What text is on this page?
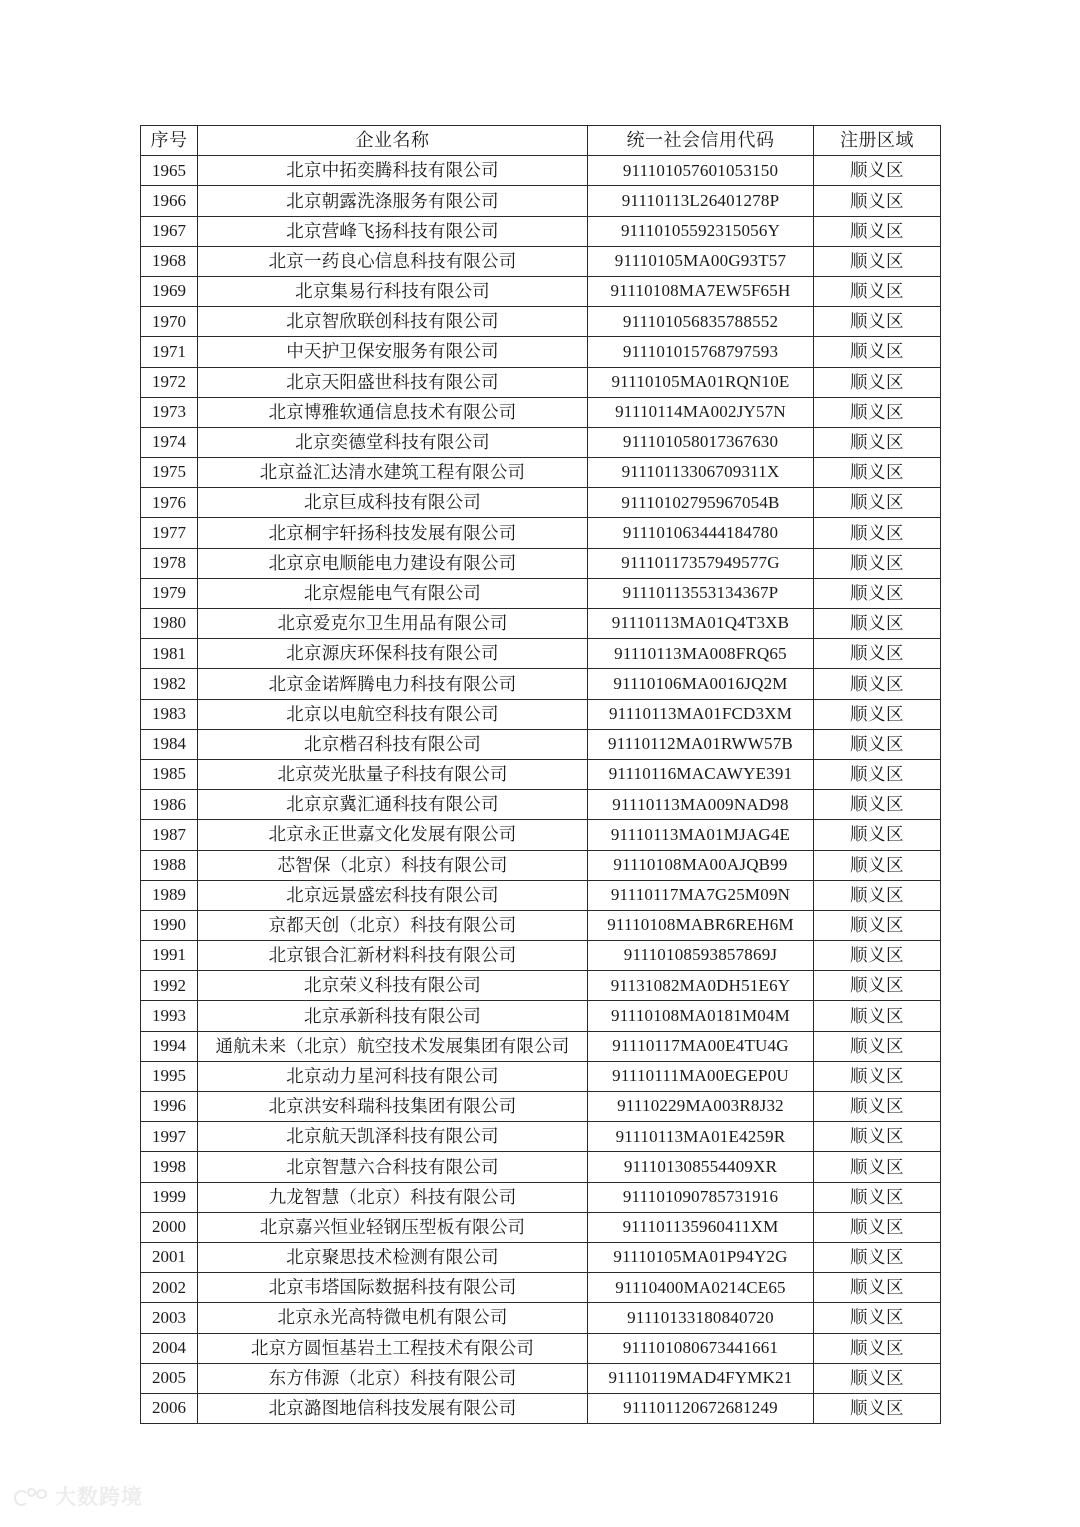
序号	企业名称	统一社会信用代码	注册区域
1965	北京中拓奕腾科技有限公司	911101057601053150	顺义区
1966	北京朝露洗涤服务有限公司	91110113L26401278P	顺义区
1967	北京营峰飞扬科技有限公司	91110105592315056Y	顺义区
1968	北京一药良心信息科技有限公司	91110105MA00G93T57	顺义区
1969	北京集易行科技有限公司	91110108MA7EW5F65H	顺义区
1970	北京智欣联创科技有限公司	911101056835788552	顺义区
1971	中天护卫保安服务有限公司	911101015768797593	顺义区
1972	北京天阳盛世科技有限公司	91110105MA01RQN10E	顺义区
1973	北京博雅软通信息技术有限公司	91110114MA002JY57N	顺义区
1974	北京奕德堂科技有限公司	911101058017367630	顺义区
1975	北京益汇达清水建筑工程有限公司	91110113306709311X	顺义区
1976	北京巨成科技有限公司	91110102795967054B	顺义区
1977	北京桐宇轩扬科技发展有限公司	911101063444184780	顺义区
1978	北京京电顺能电力建设有限公司	91110117357949577G	顺义区
1979	北京煜能电气有限公司	91110113553134367P	顺义区
1980	北京爱克尔卫生用品有限公司	91110113MA01Q4T3XB	顺义区
1981	北京源庆环保科技有限公司	91110113MA008FRQ65	顺义区
1982	北京金诺辉腾电力科技有限公司	91110106MA0016JQ2M	顺义区
1983	北京以电航空科技有限公司	91110113MA01FCD3XM	顺义区
1984	北京楷召科技有限公司	91110112MA01RWW57B	顺义区
1985	北京荧光肽量子科技有限公司	91110116MACAWYE391	顺义区
1986	北京京冀汇通科技有限公司	91110113MA009NAD98	顺义区
1987	北京永正世嘉文化发展有限公司	91110113MA01MJAG4E	顺义区
1988	芯智保（北京）科技有限公司	91110108MA00AJQB99	顺义区
1989	北京远景盛宏科技有限公司	91110117MA7G25M09N	顺义区
1990	京都天创（北京）科技有限公司	91110108MABR6REH6M	顺义区
1991	北京银合汇新材料科技有限公司	91110108593857869J	顺义区
1992	北京荣义科技有限公司	91131082MA0DH51E6Y	顺义区
1993	北京承新科技有限公司	91110108MA0181M04M	顺义区
1994	通航未来（北京）航空技术发展集团有限公司	91110117MA00E4TU4G	顺义区
1995	北京动力星河科技有限公司	91110111MA00EGEP0U	顺义区
1996	北京洪安科瑞科技集团有限公司	91110229MA003R8J32	顺义区
1997	北京航天凯泽科技有限公司	91110113MA01E4259R	顺义区
1998	北京智慧六合科技有限公司	911101308554409XR	顺义区
1999	九龙智慧（北京）科技有限公司	911101090785731916	顺义区
2000	北京嘉兴恒业轻钢压型板有限公司	911101135960411XM	顺义区
2001	北京聚思技术检测有限公司	91110105MA01P94Y2G	顺义区
2002	北京韦塔国际数据科技有限公司	91110400MA0214CE65	顺义区
2003	北京永光高特微电机有限公司	91110133180840720	顺义区
2004	北京方圆恒基岩土工程技术有限公司	911101080673441661	顺义区
2005	东方伟源（北京）科技有限公司	91110119MAD4FYMK21	顺义区
2006	北京潞图地信科技发展有限公司	911101120672681249	顺义区
大数跨境
